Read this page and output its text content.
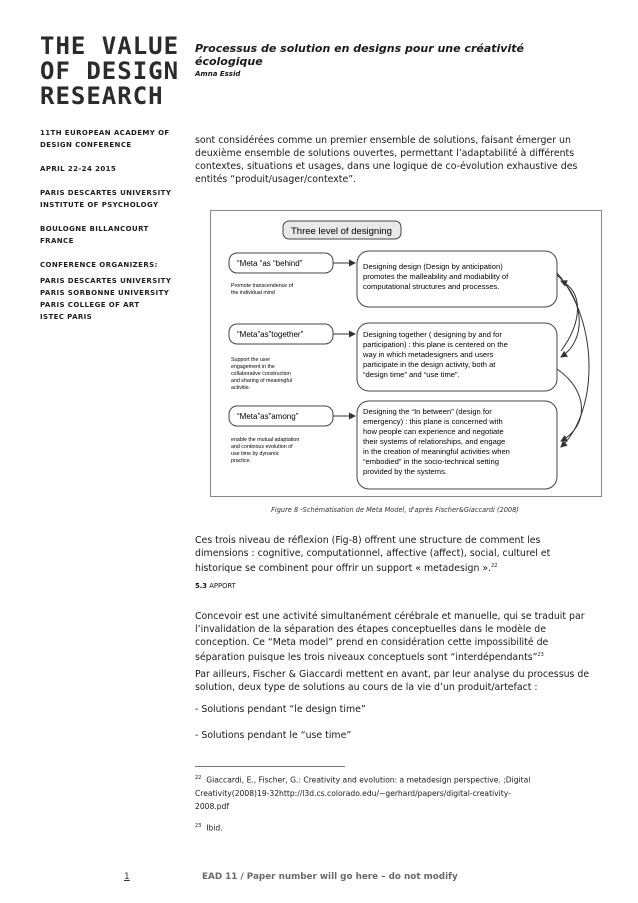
THE VALUE
OF DESIGN
RESEARCH
11TH EUROPEAN ACADEMY OF
DESIGN CONFERENCE
APRIL 22-24 2015
PARIS DESCARTES UNIVERSITY
INSTITUTE OF PSYCHOLOGY
BOULOGNE BILLANCOURT
FRANCE
CONFERENCE ORGANIZERS:
PARIS DESCARTES UNIVERSITY
PARIS SORBONNE UNIVERSITY
PARIS COLLEGE OF ART
ISTEC PARIS
Processus de solution en designs pour une créativité écologique
Amna Essid

sont considérées comme un premier ensemble de solutions, faisant émerger un deuxième ensemble de solutions ouvertes, permettant l’adaptabilité à différents contextes, situations et usages, dans une logique de co-évolution exhaustive des entités “produit/usager/contexte”.

Three level of designing
“Meta “as “behind”
Promote transcendence of the individual mind
Designing design (Design by anticipation) promotes the malleability and modiability of computational structures and processes.
“Meta”as”together”
Support the user engagement in the collaborative construction and sharing of meaningful activitie.
Designing together ( designing by and for participation) : this plane is centered on the way in which metadesigners and users participate in the design activity, both at “design time” and “use time”.
“Meta”as”among”
enable the mutual adaptation and continous evolution of use time by dynamic practice.
Designing the “In between” (design for emergency) : this plane is concerned with how people can experience and negotiate their systems of relationships, and engage in the creation of meaningful activities when “embodied” in the socio-technical setting provided by the systems.
Figure 8 -Schématisation de Meta Model, d'après Fischer&Giaccardi (2008)

Ces trois niveau de réflexion (Fig-8) offrent une structure de comment les dimensions : cognitive, computationnel, affective (affect), social, culturel et historique se combinent pour offrir un support « metadesign ».$^{22}$

5.3 APPORT

Concevoir est une activité simultanément cérébrale et manuelle, qui se traduit par l’invalidation de la séparation des étapes conceptuelles dans le modèle de conception. Ce “Meta model” prend en considération cette impossibilité de séparation puisque les trois niveaux conceptuels sont “interdépendants”$^{23}$

Par ailleurs, Fischer & Giaccardi mettent en avant, par leur analyse du processus de solution, deux type de solutions au cours de la vie d’un produit/artefact :

- Solutions pendant “le design time”

- Solutions pendant le “use time”

$^{22}$ Giaccardi, E., Fischer, G.: Creativity and evolution: a metadesign perspective. ;Digital
Creativity(2008)19-32http://l3d.cs.colorado.edu/~gerhard/papers/digital-creativity-
2008.pdf
$^{23}$ Ibid.
1	EAD 11 / Paper number will go here – do not modify
